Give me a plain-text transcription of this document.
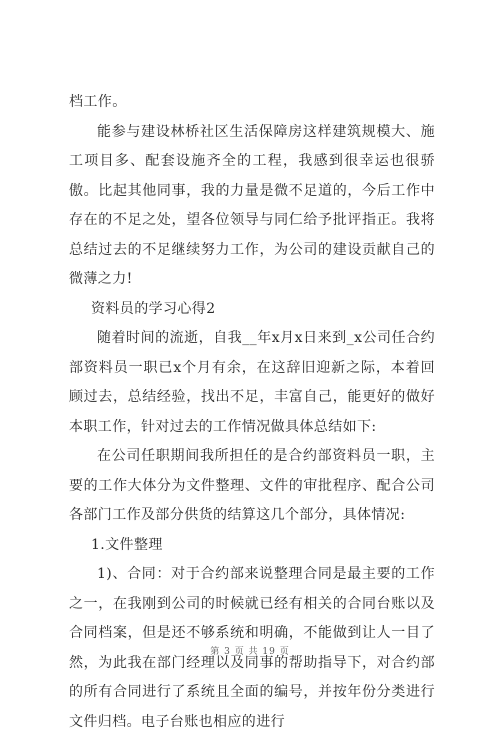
档工作。

能参与建设林桥社区生活保障房这样建筑规模大、施工项目多、配套设施齐全的工程，我感到很幸运也很骄傲。比起其他同事，我的力量是微不足道的，今后工作中存在的不足之处，望各位领导与同仁给予批评指正。我将总结过去的不足继续努力工作，为公司的建设贡献自己的微薄之力!

资料员的学习心得2

随着时间的流逝，自我__年x月x日来到_x公司任合约部资料员一职已x个月有余，在这辞旧迎新之际，本着回顾过去，总结经验，找出不足，丰富自己，能更好的做好本职工作，针对过去的工作情况做具体总结如下:

在公司任职期间我所担任的是合约部资料员一职，主要的工作大体分为文件整理、文件的审批程序、配合公司各部门工作及部分供货的结算这几个部分，具体情况:

1.文件整理

1)、合同：对于合约部来说整理合同是最主要的工作之一，在我刚到公司的时候就已经有相关的合同台账以及合同档案，但是还不够系统和明确，不能做到让人一目了然，为此我在部门经理以及同事的帮助指导下，对合约部的所有合同进行了系统且全面的编号，并按年份分类进行文件归档。电子台账也相应的进行

第 3 页 共 19 页
